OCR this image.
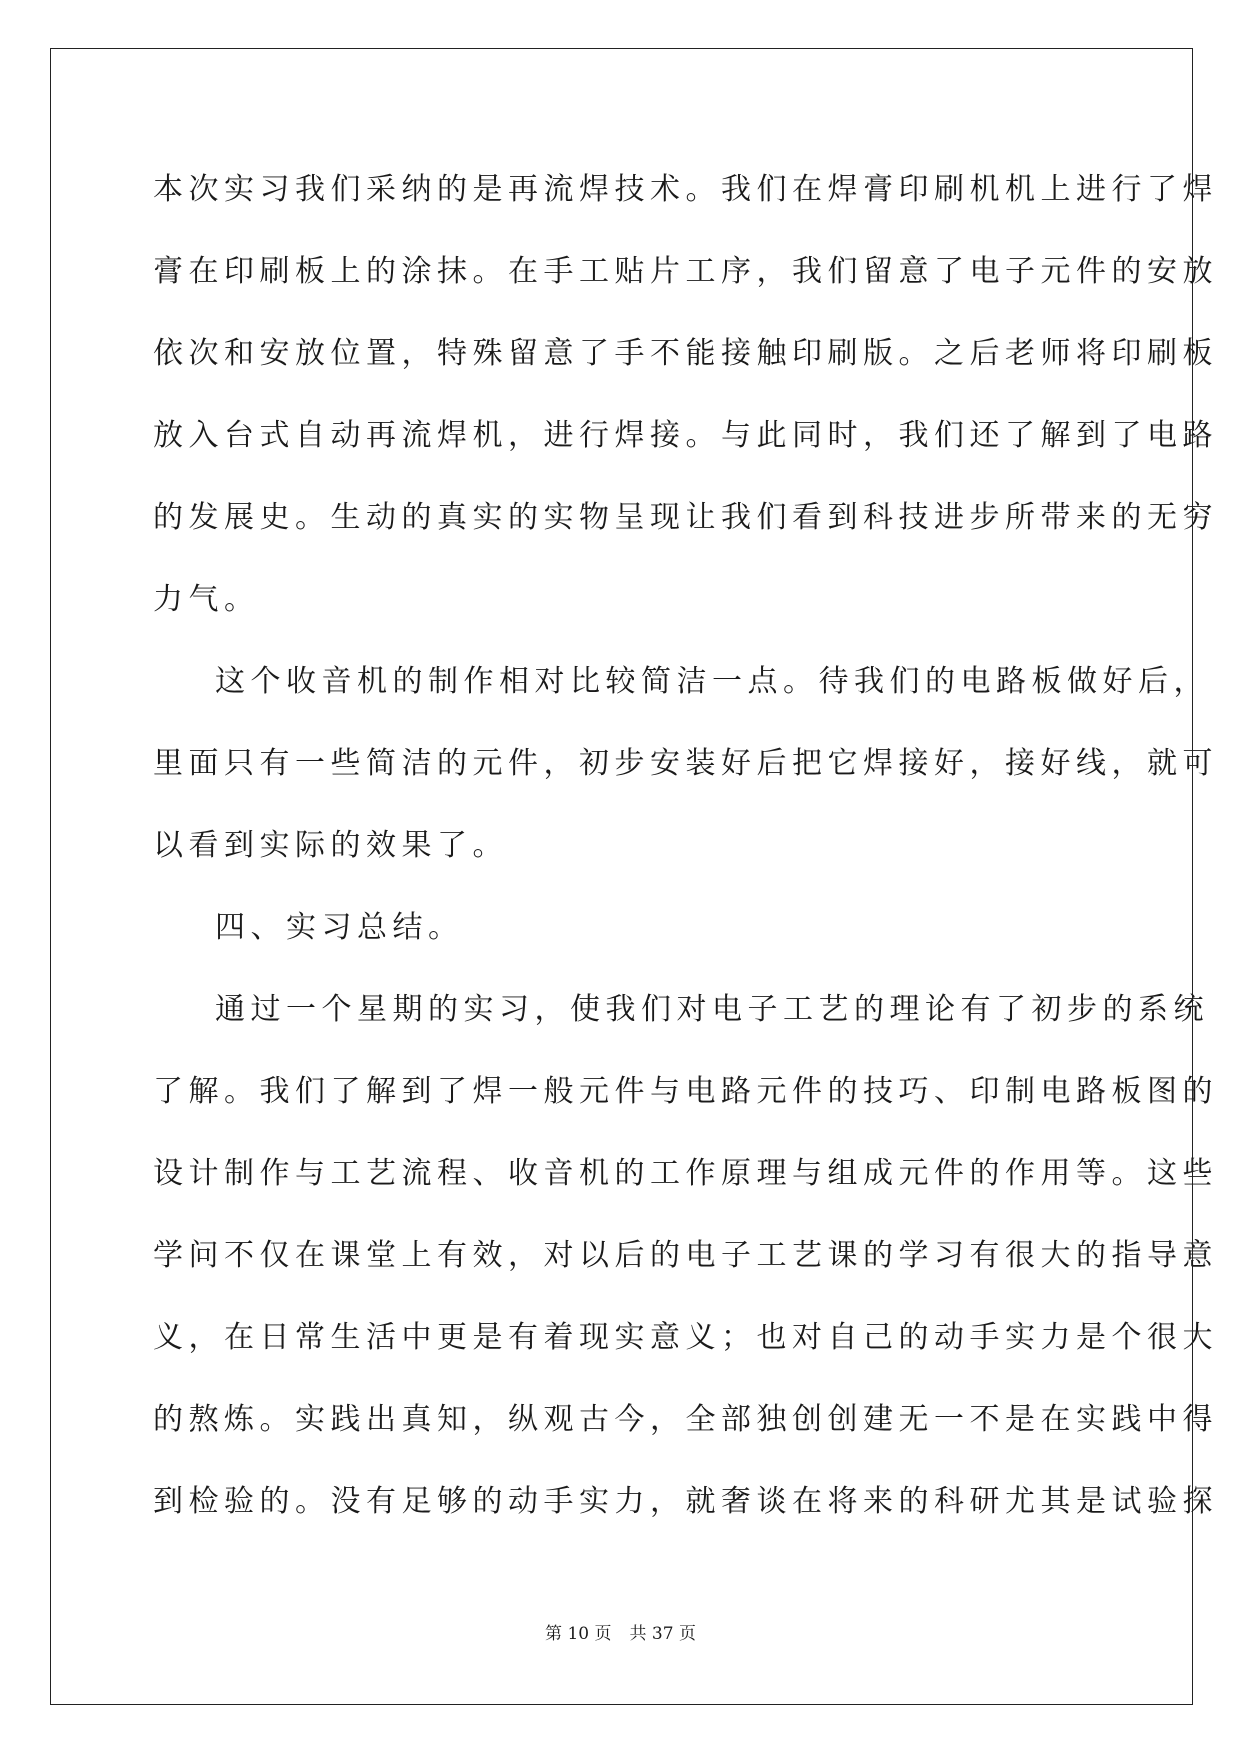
本次实习我们采纳的是再流焊技术。我们在焊膏印刷机机上进行了焊
膏在印刷板上的涂抹。在手工贴片工序，我们留意了电子元件的安放
依次和安放位置，特殊留意了手不能接触印刷版。之后老师将印刷板
放入台式自动再流焊机，进行焊接。与此同时，我们还了解到了电路
的发展史。生动的真实的实物呈现让我们看到科技进步所带来的无穷
力气。
这个收音机的制作相对比较简洁一点。待我们的电路板做好后，
里面只有一些简洁的元件，初步安装好后把它焊接好，接好线，就可
以看到实际的效果了。
四、实习总结。
通过一个星期的实习，使我们对电子工艺的理论有了初步的系统
了解。我们了解到了焊一般元件与电路元件的技巧、印制电路板图的
设计制作与工艺流程、收音机的工作原理与组成元件的作用等。这些
学问不仅在课堂上有效，对以后的电子工艺课的学习有很大的指导意
义，在日常生活中更是有着现实意义；也对自己的动手实力是个很大
的熬炼。实践出真知，纵观古今，全部独创创建无一不是在实践中得
到检验的。没有足够的动手实力，就奢谈在将来的科研尤其是试验探
第 10 页 共 37 页
